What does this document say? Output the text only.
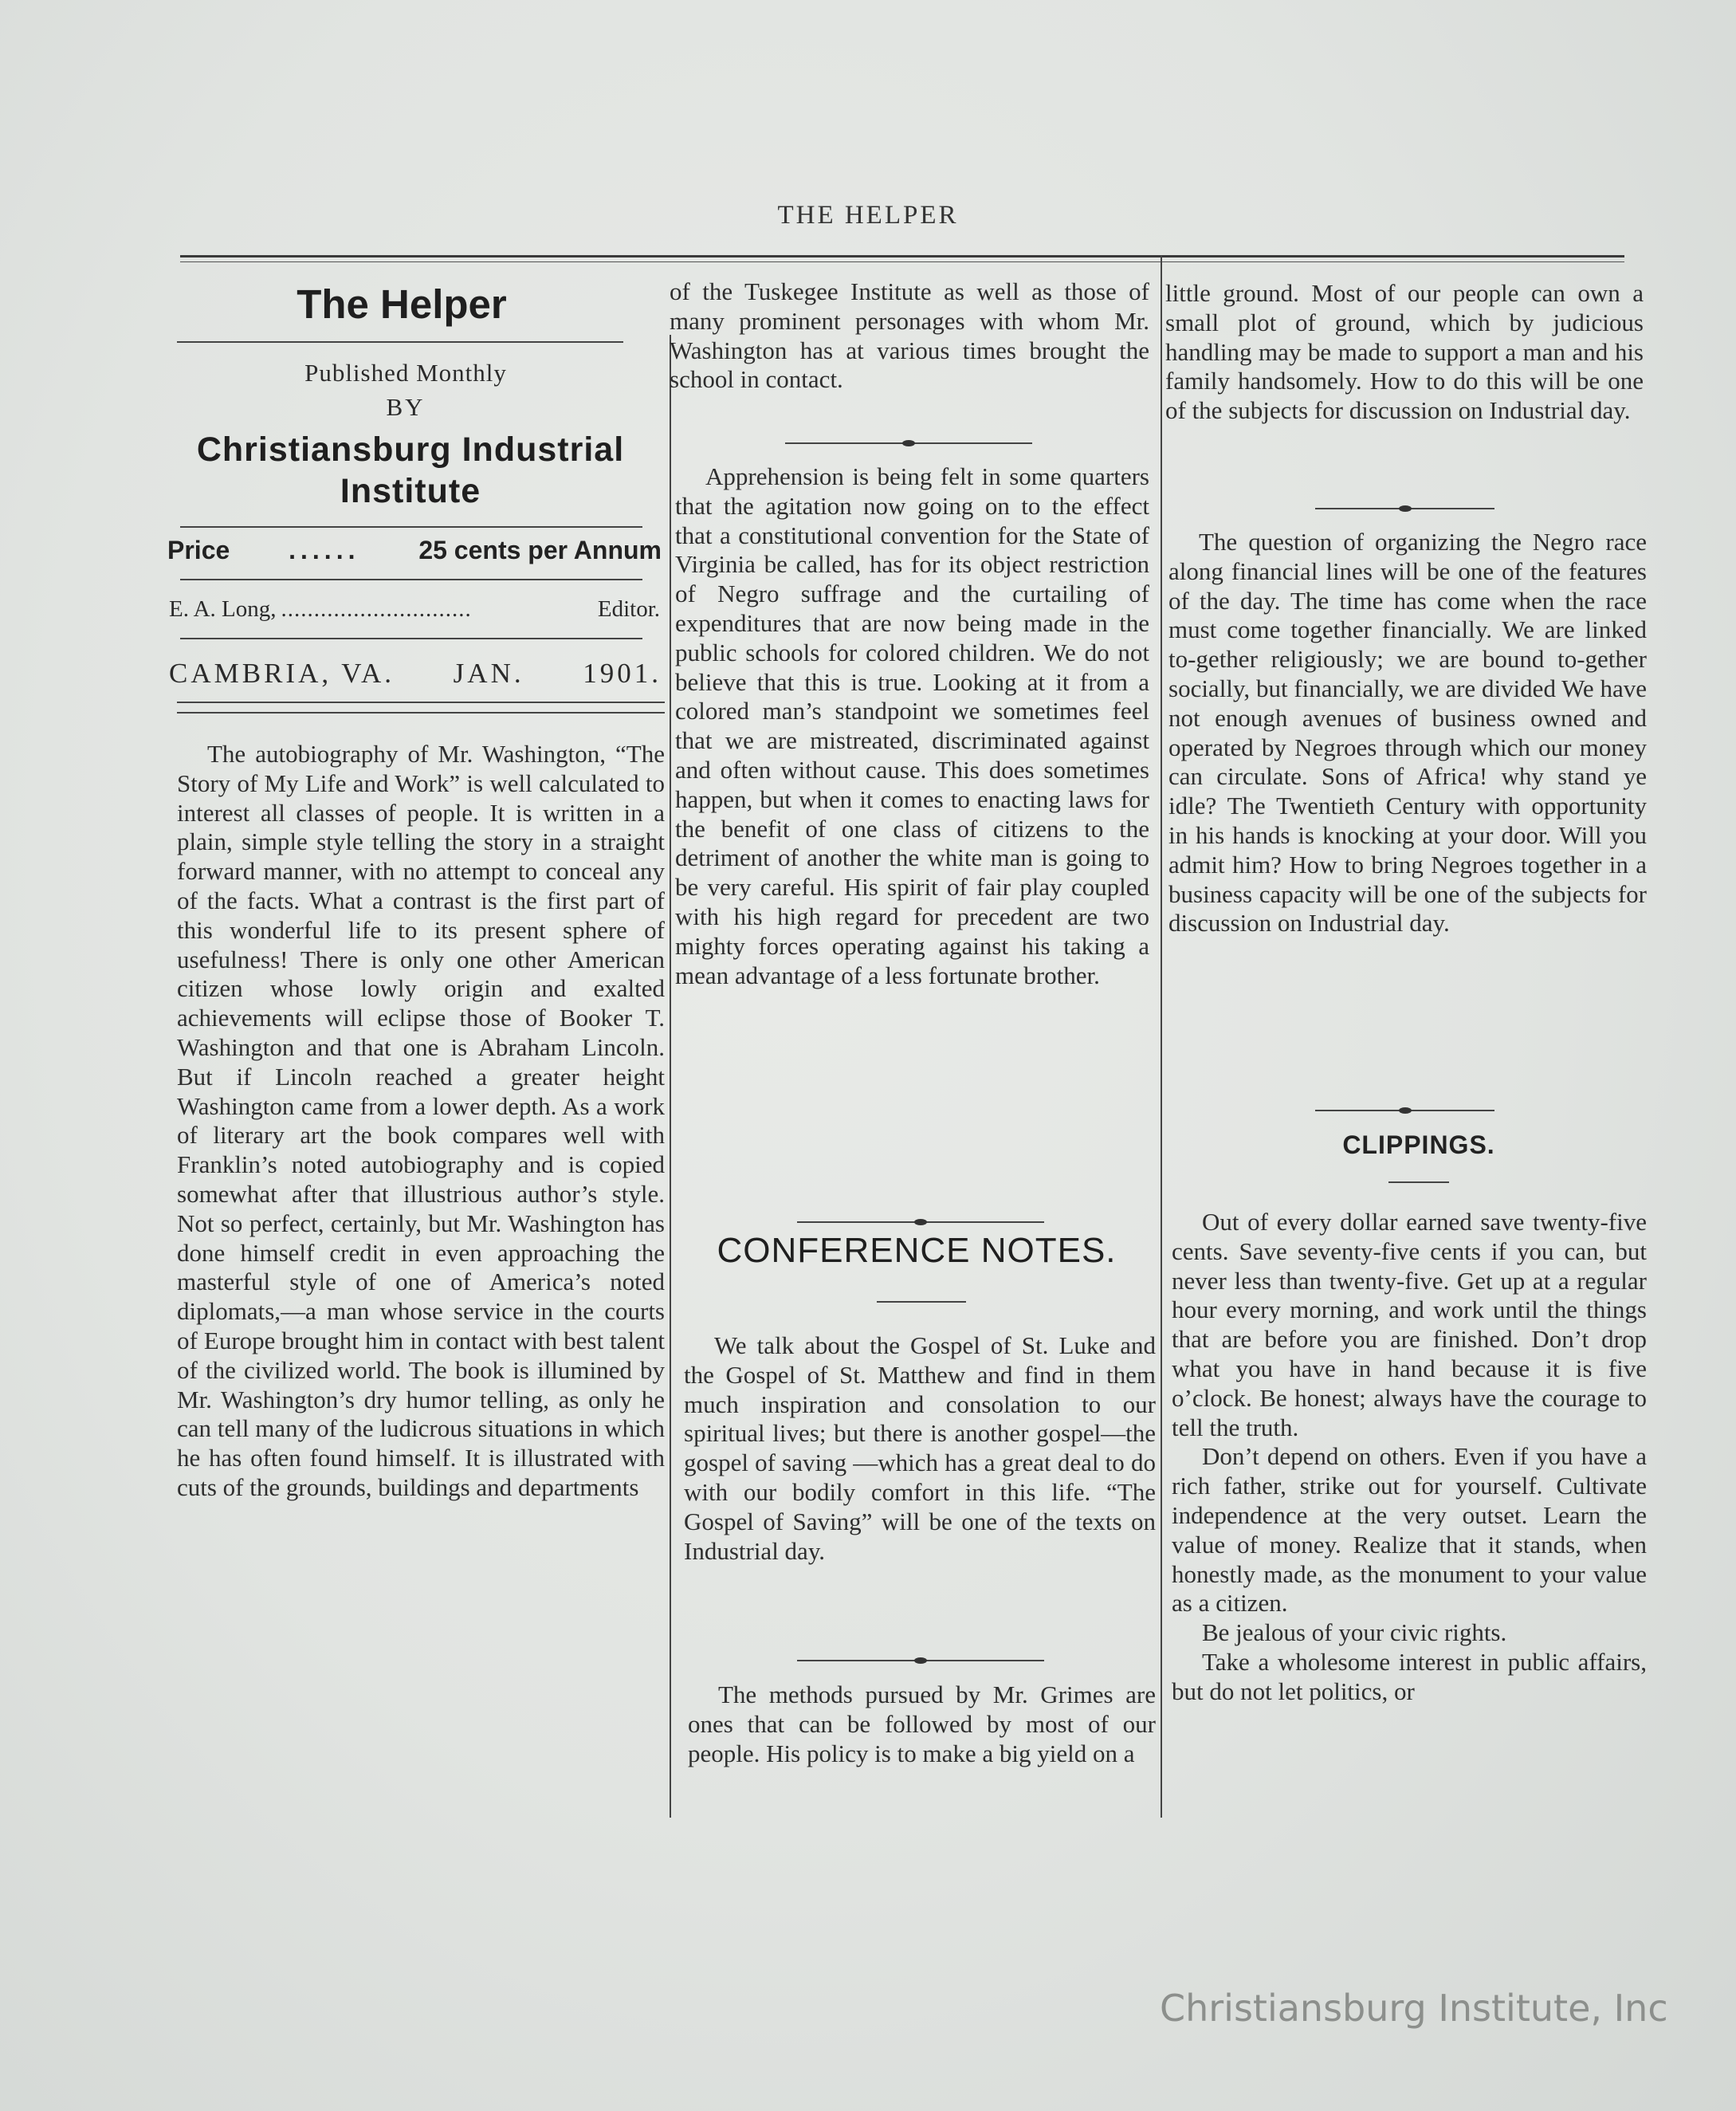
THE HELPER
The Helper
Published Monthly
BY
Christiansburg Industrial
Institute
Price ...... 25 cents per Annum
E. A. Long, .............................	Editor.
CAMBRIA, VA. JAN. 1901.

The autobiography of Mr. Washington, “The Story of My Life and Work” is well calculated to interest all classes of people. It is written in a plain, simple style telling the story in a straight forward manner, with no attempt to conceal any of the facts. What a contrast is the first part of this wonderful life to its present sphere of usefulness! There is only one other American citizen whose lowly origin and exalted achievements will eclipse those of Booker T. Washington and that one is Abraham Lincoln. But if Lincoln reached a greater height Washington came from a lower depth. As a work of literary art the book compares well with Franklin’s noted autobiography and is copied somewhat after that illustrious author’s style. Not so perfect, certainly, but Mr. Washington has done himself credit in even approaching the masterful style of one of America’s noted diplomats,—a man whose service in the courts of Europe brought him in contact with best talent of the civilized world. The book is illumined by Mr. Washington’s dry humor telling, as only he can tell many of the ludicrous situations in which he has often found himself. It is illustrated with cuts of the grounds, buildings and departments

of the Tuskegee Institute as well as those of many prominent personages with whom Mr. Washington has at various times brought the school in contact.

Apprehension is being felt in some quarters that the agitation now going on to the effect that a constitutional convention for the State of Virginia be called, has for its object restriction of Negro suffrage and the curtailing of expenditures that are now being made in the public schools for colored children. We do not believe that this is true. Looking at it from a colored man’s standpoint we sometimes feel that we are mistreated, discriminated against and often without cause. This does sometimes happen, but when it comes to enacting laws for the benefit of one class of citizens to the detriment of another the white man is going to be very careful. His spirit of fair play coupled with his high regard for precedent are two mighty forces operating against his taking a mean advantage of a less fortunate brother.

CONFERENCE NOTES.

We talk about the Gospel of St. Luke and the Gospel of St. Matthew and find in them much inspiration and consolation to our spiritual lives; but there is another gospel—the gospel of saving —which has a great deal to do with our bodily comfort in this life. “The Gospel of Saving” will be one of the texts on Industrial day.

The methods pursued by Mr. Grimes are ones that can be followed by most of our people. His policy is to make a big yield on a

little ground. Most of our people can own a small plot of ground, which by judicious handling may be made to support a man and his family handsomely. How to do this will be one of the subjects for discussion on Industrial day.

The question of organizing the Negro race along financial lines will be one of the features of the day. The time has come when the race must come together financially. We are linked to-gether religiously; we are bound to-gether socially, but financially, we are divided We have not enough avenues of business owned and operated by Negroes through which our money can circulate. Sons of Africa! why stand ye idle? The Twentieth Century with opportunity in his hands is knocking at your door. Will you admit him? How to bring Negroes together in a business capacity will be one of the subjects for discussion on Industrial day.

CLIPPINGS.

Out of every dollar earned save twenty-five cents. Save seventy-five cents if you can, but never less than twenty-five. Get up at a regular hour every morning, and work until the things that are before you are finished. Don’t drop what you have in hand because it is five o’clock. Be honest; always have the courage to tell the truth.

Don’t depend on others. Even if you have a rich father, strike out for yourself. Cultivate independence at the very outset. Learn the value of money. Realize that it stands, when honestly made, as the monument to your value as a citizen.

Be jealous of your civic rights.

Take a wholesome interest in public affairs, but do not let politics, or

Christiansburg Institute, Inc
